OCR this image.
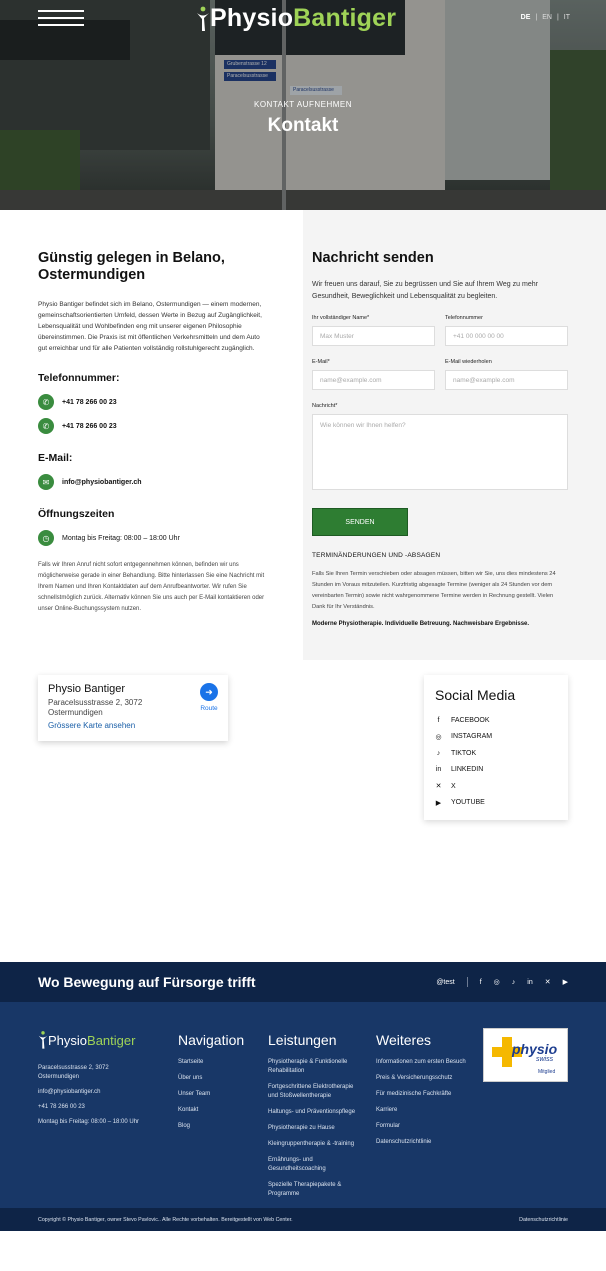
Grubenstrasse 12
Paracelsusstrasse
Paracelsusstrasse
Physio Bantiger	DE | EN | IT
KONTAKT AUFNEHMEN
Kontakt
Günstig gelegen in Belano, Ostermundigen

Physio Bantiger befindet sich im Belano, Ostermundigen — einem modernen, gemeinschaftsorientierten Umfeld, dessen Werte in Bezug auf Zugänglichkeit, Lebensqualität und Wohlbefinden eng mit unserer eigenen Philosophie übereinstimmen. Die Praxis ist mit öffentlichen Verkehrsmitteln und dem Auto gut erreichbar und für alle Patienten vollständig rollstuhlgerecht zugänglich.

Telefonnummer:
✆	+41 78 266 00 23
✆	+41 78 266 00 23
E-Mail:
✉	info@physiobantiger.ch
Öffnungszeiten
◷	Montag bis Freitag: 08:00 – 18:00 Uhr

Falls wir Ihren Anruf nicht sofort entgegennehmen können, befinden wir uns möglicherweise gerade in einer Behandlung. Bitte hinterlassen Sie eine Nachricht mit Ihrem Namen und Ihren Kontaktdaten auf dem Anrufbeantworter. Wir rufen Sie schnellstmöglich zurück. Alternativ können Sie uns auch per E-Mail kontaktieren oder unser Online-Buchungssystem nutzen.

Nachricht senden

Wir freuen uns darauf, Sie zu begrüssen und Sie auf Ihrem Weg zu mehr Gesundheit, Beweglichkeit und Lebensqualität zu begleiten.

Ihr vollständiger Name*
Max Muster
Telefonnummer
+41 00 000 00 00
E-Mail*
name@example.com
E-Mail wiederholen
name@example.com
Nachricht*
Wie können wir Ihnen helfen?
SENDEN
TERMINÄNDERUNGEN UND -ABSAGEN

Falls Sie Ihren Termin verschieben oder absagen müssen, bitten wir Sie, uns dies mindestens 24 Stunden im Voraus mitzuteilen. Kurzfristig abgesagte Termine (weniger als 24 Stunden vor dem vereinbarten Termin) sowie nicht wahrgenommene Termine werden in Rechnung gestellt. Vielen Dank für Ihr Verständnis.

Moderne Physiotherapie. Individuelle Betreuung. Nachweisbare Ergebnisse.

Physio Bantiger
Paracelsusstrasse 2, 3072 Ostermundigen
Grössere Karte ansehen
➜
Route
Social Media
f	FACEBOOK
◎ INSTAGRAM
♪ TIKTOK
in LINKEDIN
✕ X
▶ YOUTUBE
Wo Bewegung auf Fürsorge trifft	@test	f ◎ ♪ in ✕ ▶
Physio Bantiger
Paracelsusstrasse 2, 3072 Ostermundigen
info@physiobantiger.ch
+41 78 266 00 23
Montag bis Freitag: 08:00 – 18:00 Uhr
Navigation
Startseite
Über uns
Unser Team
Kontakt
Blog
Leistungen
Physiotherapie & Funktionelle Rehabilitation
Fortgeschrittene Elektrotherapie und Stoßwellentherapie
Haltungs- und Präventionspflege
Physiotherapie zu Hause
Kleingruppentherapie & -training
Ernährungs- und Gesundheitscoaching
Spezielle Therapiepakete & Programme
Weiteres
Informationen zum ersten Besuch
Preis & Versicherungsschutz
Für medizinische Fachkräfte
Karriere
Formular
Datenschutzrichtlinie
physio
swiss
Mitglied
Copyright © Physio Bantiger, owner Stevo Pavlovic.. Alle Rechte vorbehalten. Bereitgestellt von Web Center.	Datenschutzrichtlinie
